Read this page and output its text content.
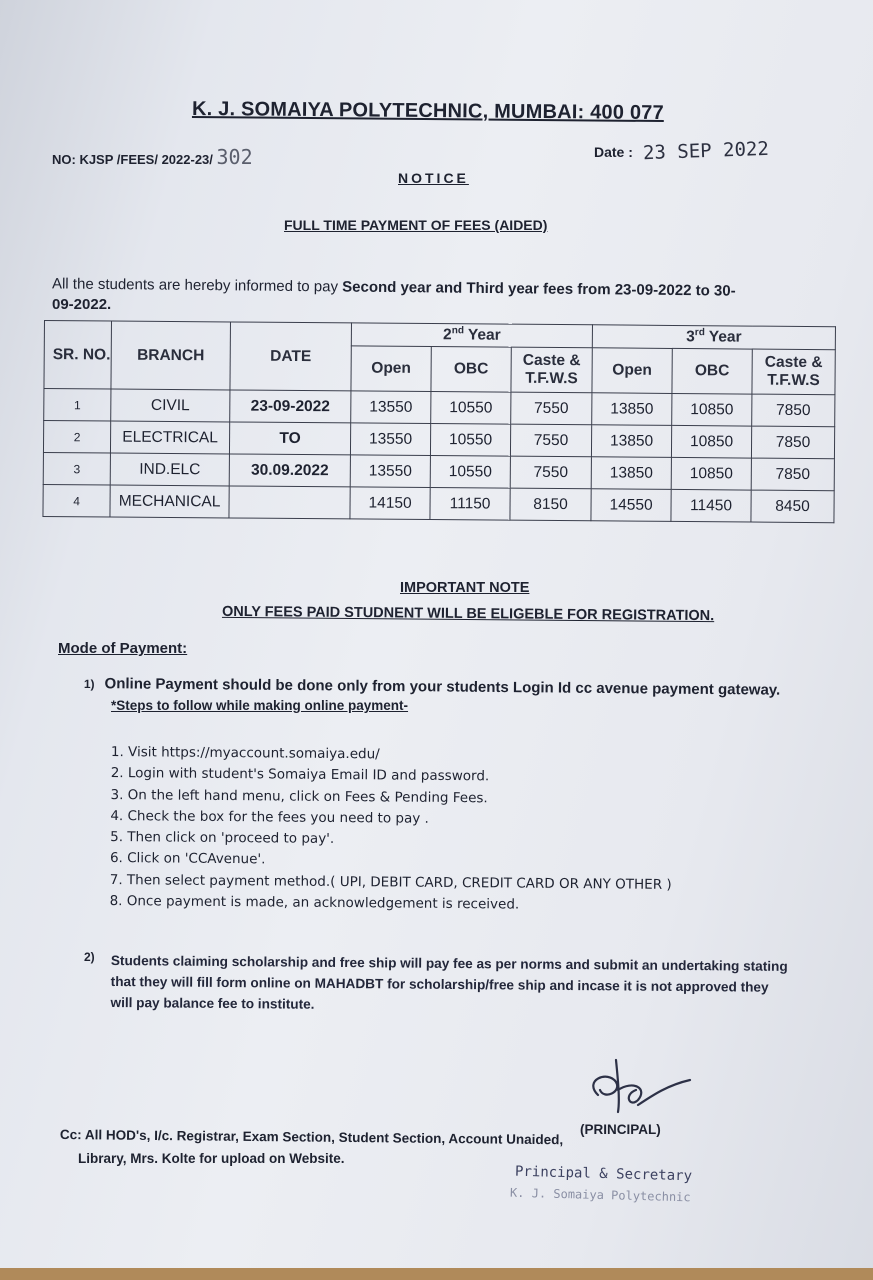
K. J. SOMAIYA POLYTECHNIC, MUMBAI: 400 077
NO: KJSP /FEES/ 2022-23/ 302	Date : 23 SEP 2022
NOTICE
FULL TIME PAYMENT OF FEES (AIDED)
All the students are hereby informed to pay Second year and Third year fees from 23-09-2022 to 30-
09-2022.
SR. NO.	BRANCH	DATE	2nd Year			3rd Year		
			Open	OBC	Caste & T.F.W.S	Open	OBC	Caste & T.F.W.S
1	CIVIL	23-09-2022	13550	10550	7550	13850	10850	7850
2	ELECTRICAL	TO	13550	10550	7550	13850	10850	7850
3	IND.ELC	30.09.2022	13550	10550	7550	13850	10850	7850
4	MECHANICAL		14150	11150	8150	14550	11450	8450
IMPORTANT NOTE
ONLY FEES PAID STUDNENT WILL BE ELIGEBLE FOR REGISTRATION.
Mode of Payment:
1) Online Payment should be done only from your students Login Id cc avenue payment gateway.
*Steps to follow while making online payment-
1. Visit https://myaccount.somaiya.edu/
2. Login with student's Somaiya Email ID and password.
3. On the left hand menu, click on Fees & Pending Fees.
4. Check the box for the fees you need to pay .
5. Then click on 'proceed to pay'.
6. Click on 'CCAvenue'.
7. Then select payment method.( UPI, DEBIT CARD, CREDIT CARD OR ANY OTHER )
8. Once payment is made, an acknowledgement is received.
2) Students claiming scholarship and free ship will pay fee as per norms and submit an undertaking stating
that they will fill form online on MAHADBT for scholarship/free ship and incase it is not approved they
will pay balance fee to institute.
(PRINCIPAL)
Cc: All HOD's, I/c. Registrar, Exam Section, Student Section, Account Unaided,
Library, Mrs. Kolte for upload on Website.
Principal & Secretary
K. J. Somaiya Polytechnic
